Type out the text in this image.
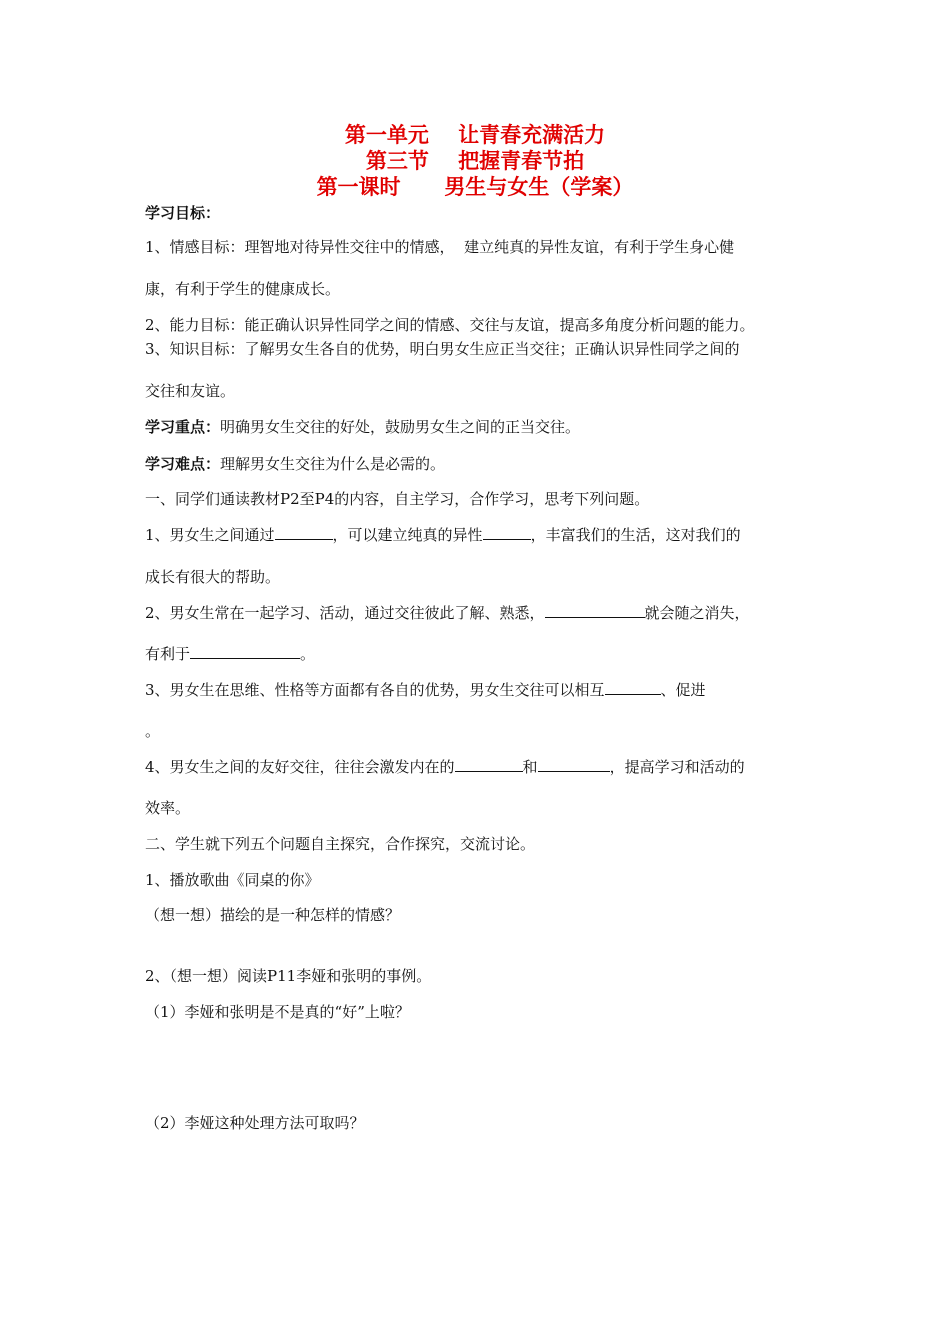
第一单元    让青春充满活力
第三节    把握青春节拍
第一课时      男生与女生（学案）
学习目标：
1、情感目标：理智地对待异性交往中的情感，  建立纯真的异性友谊，有利于学生身心健
康，有利于学生的健康成长。
2、能力目标：能正确认识异性同学之间的情感、交往与友谊，提高多角度分析问题的能力。
3、知识目标：了解男女生各自的优势，明白男女生应正当交往；正确认识异性同学之间的
交往和友谊。
学习重点：明确男女生交往的好处，鼓励男女生之间的正当交往。
学习难点：理解男女生交往为什么是必需的。
一、同学们通读教材P2至P4的内容，自主学习，合作学习，思考下列问题。
1、男女生之间通过	，可以建立纯真的异性	，丰富我们的生活，这对我们的
成长有很大的帮助。
2、男女生常在一起学习、活动，通过交往彼此了解、熟悉，	就会随之消失，
有利于	。
3、男女生在思维、性格等方面都有各自的优势，男女生交往可以相互	、促进
。
4、男女生之间的友好交往，往往会激发内在的	和	，提高学习和活动的
效率。
二、学生就下列五个问题自主探究，合作探究，交流讨论。
1、播放歌曲《同桌的你》
（想一想）描绘的是一种怎样的情感？
2、（想一想）阅读P11李娅和张明的事例。
（1）李娅和张明是不是真的“好”上啦？
（2）李娅这种处理方法可取吗？
